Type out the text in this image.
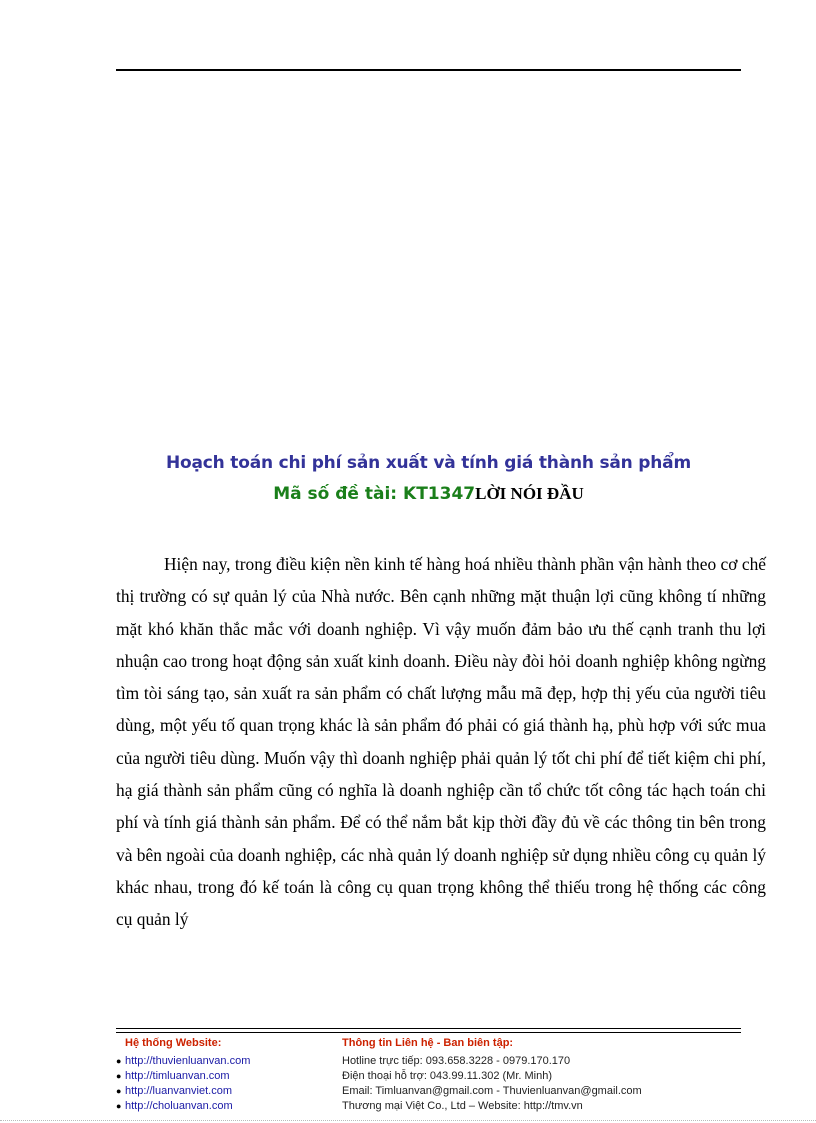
Hoạch toán chi phí sản xuất và tính giá thành sản phẩm
Mã số đề tài: KT1347LỜI NÓI ĐẦU

Hiện nay, trong điều kiện nền kinh tế hàng hoá nhiều thành phần vận hành theo cơ chế thị trường có sự quản lý của Nhà nước. Bên cạnh những mặt thuận lợi cũng không tí những mặt khó khăn thắc mắc với doanh nghiệp. Vì vậy muốn đảm bảo ưu thế cạnh tranh thu lợi nhuận cao trong hoạt động sản xuất kinh doanh. Điều này đòi hỏi doanh nghiệp không ngừng tìm tòi sáng tạo, sản xuất ra sản phẩm có chất lượng mẫu mã đẹp, hợp thị yếu của người tiêu dùng, một yếu tố quan trọng khác là sản phẩm đó phải có giá thành hạ, phù hợp với sức mua của người tiêu dùng. Muốn vậy thì doanh nghiệp phải quản lý tốt chi phí để tiết kiệm chi phí, hạ giá thành sản phẩm cũng có nghĩa là doanh nghiệp cần tổ chức tốt công tác hạch toán chi phí và tính giá thành sản phẩm. Để có thể nắm bắt kịp thời đầy đủ về các thông tin bên trong và bên ngoài của doanh nghiệp, các nhà quản lý doanh nghiệp sử dụng nhiều công cụ quản lý khác nhau, trong đó kế toán là công cụ quan trọng không thể thiếu trong hệ thống các công cụ quản lý

Hệ thống Website:
● http://thuvienluanvan.com
● http://timluanvan.com
● http://luanvanviet.com
● http://choluanvan.com
Thông tin Liên hệ - Ban biên tập:
Hotline trực tiếp: 093.658.3228 - 0979.170.170
Điện thoại hỗ trợ: 043.99.11.302 (Mr. Minh)
Email: Timluanvan@gmail.com - Thuvienluanvan@gmail.com
Thương mại Việt Co., Ltd – Website: http://tmv.vn
